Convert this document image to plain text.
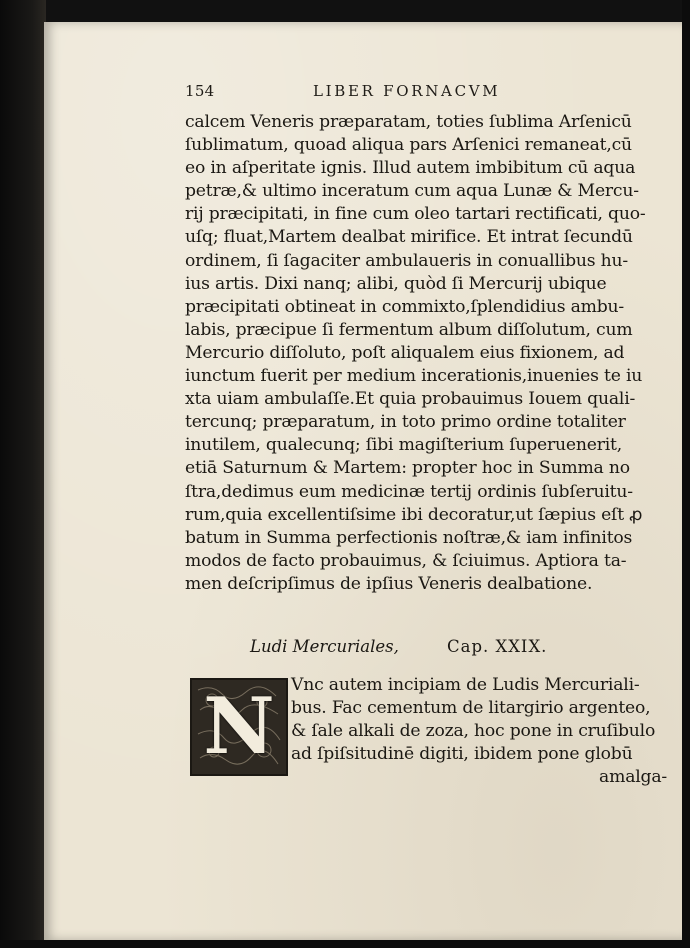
154	LIBER FORNACVM
calcem Veneris præparatam, toties ſublima Arſenicū
ſublimatum, quoad aliqua pars Arſenici remaneat,cū
eo in aſperitate ignis. Illud autem imbibitum cū aqua
petræ,& ultimo inceratum cum aqua Lunæ & Mercu-
rij præcipitati, in fine cum oleo tartari rectificati, quo-
uſq; fluat,Martem dealbat mirifice. Et intrat ſecundū
ordinem, ſi ſagaciter ambulaueris in conuallibus hu-
ius artis. Dixi nanq; alibi, quòd ſi Mercurij ubique
præcipitati obtineat in commixto,ſplendidius ambu-
labis, præcipue ſi fermentum album diſſolutum, cum
Mercurio diſſoluto, poſt aliqualem eius fixionem, ad
iunctum fuerit per medium incerationis,inuenies te iu
xta uiam ambulaſſe.Et quia probauimus Iouem quali-
tercunq; præparatum, in toto primo ordine totaliter
inutilem, qualecunq; ſibi magiſterium ſuperuenerit,
etiā Saturnum & Martem: propter hoc in Summa no
ſtra,dedimus eum medicinæ tertij ordinis ſubſeruitu-
rum,quia excellentiſsime ibi decoratur,ut ſæpius eſt ꝓ
batum in Summa perfectionis noſtræ,& iam infinitos
modos de facto probauimus, & ſciuimus. Aptiora ta-
men deſcripſimus de ipſius Veneris dealbatione.
Ludi Mercuriales,	Cap. XXIX.
N Vnc autem incipiam de Ludis Mercuriali-
bus. Fac cementum de litargirio argenteo,
& ſale alkali de zoza, hoc pone in cruſibulo
ad ſpiſsitudinē digiti, ibidem pone globū
amalga-
